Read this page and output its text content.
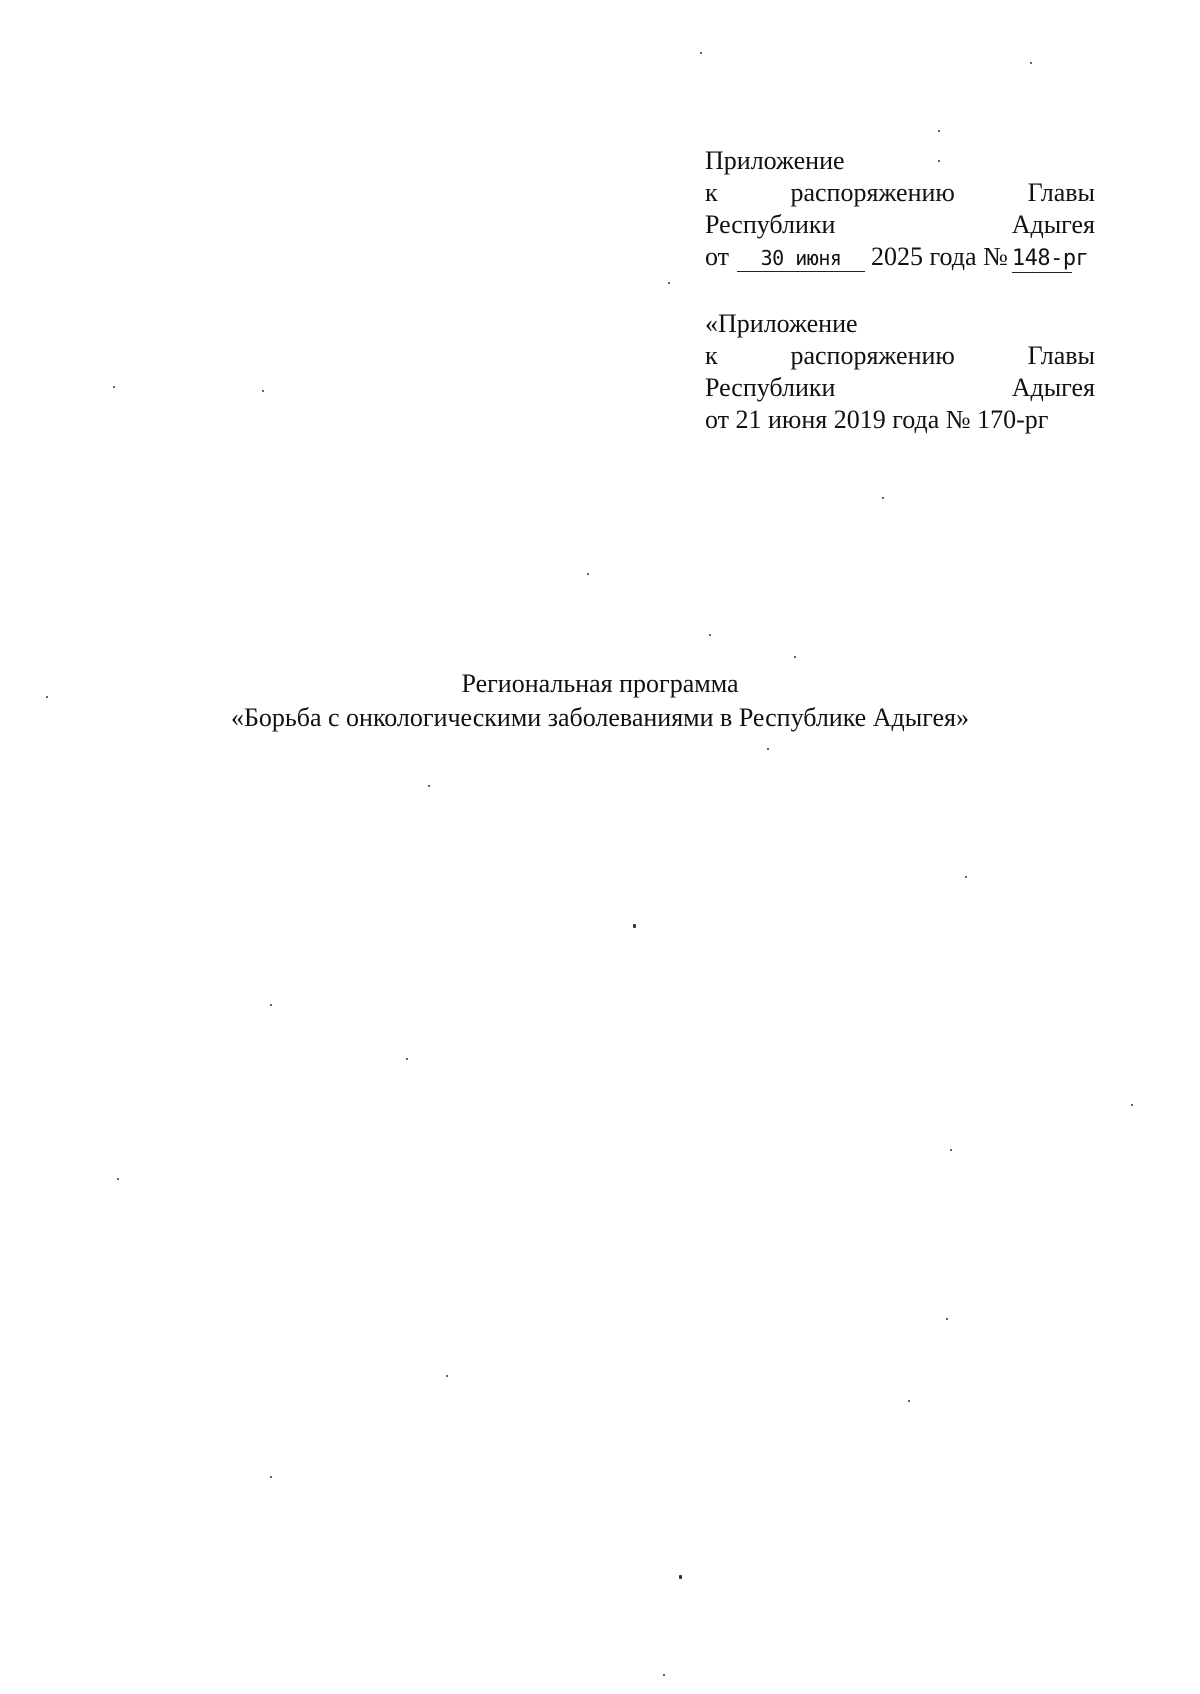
Приложение
к	распоряжению	Главы
Республики	Адыгея
от 30 июня 2025 года № 148-рг
«Приложение
к	распоряжению	Главы
Республики	Адыгея
от 21 июня 2019 года № 170-рг
Региональная программа
«Борьба с онкологическими заболеваниями в Республике Адыгея»
